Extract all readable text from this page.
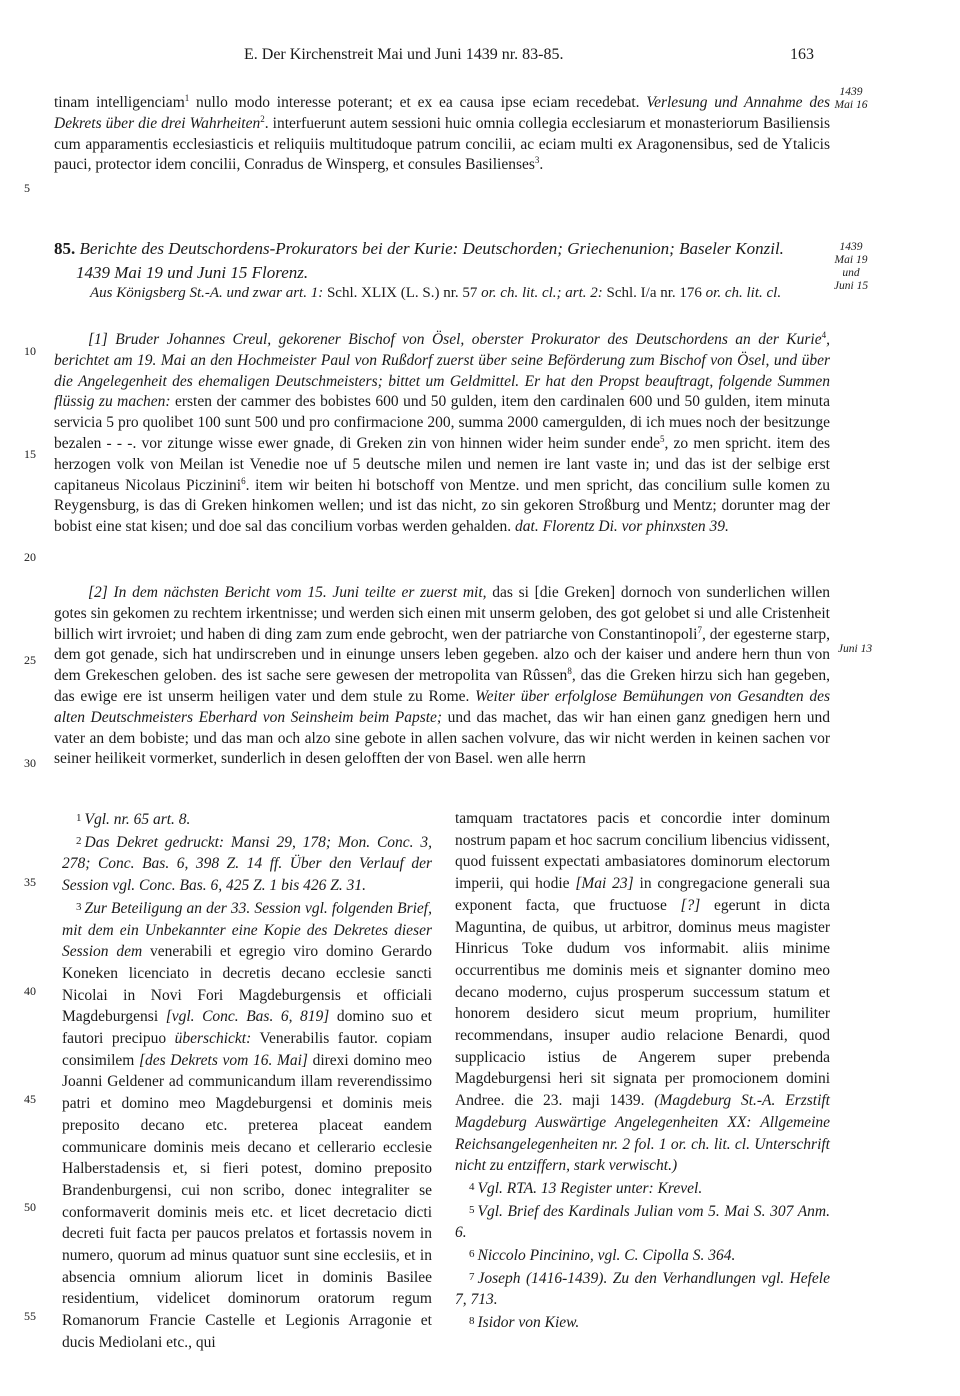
E. Der Kirchenstreit Mai und Juni 1439 nr. 83-85.	163
1439
Mai 16
1439
Mai 19
und
Juni 15
Juni 13
5
10
15
20
25
30
35
40
45
50
55

tinam intelligenciam$^1$ nullo modo interesse poterant; et ex ea causa ipse eciam recedebat. Verlesung und Annahme des Dekrets über die drei Wahrheiten$^2$. interfuerunt autem sessioni huic omnia collegia ecclesiarum et monasteriorum Basiliensis cum apparamentis ecclesiasticis et reliquiis multitudoque patrum concilii, ac eciam multi ex Aragonensibus, sed de Ytalicis pauci, protector idem concilii, Conradus de Winsperg, et consules Basilienses$^3$.

85. Berichte des Deutschordens-Prokurators bei der Kurie: Deutschorden; Griechenunion; Baseler Konzil. 1439 Mai 19 und Juni 15 Florenz.
Aus Königsberg St.-A. und zwar art. 1: Schl. XLIX (L. S.) nr. 57 or. ch. lit. cl.; art. 2: Schl. I/a nr. 176 or. ch. lit. cl.

[1] Bruder Johannes Creul, gekorener Bischof von Ösel, oberster Prokurator des Deutschordens an der Kurie$^4$, berichtet am 19. Mai an den Hochmeister Paul von Rußdorf zuerst über seine Beförderung zum Bischof von Ösel, und über die Angelegenheit des ehemaligen Deutschmeisters; bittet um Geldmittel. Er hat den Propst beauftragt, folgende Summen flüssig zu machen: ersten der cammer des bobistes 600 und 50 gulden, item den cardinalen 600 und 50 gulden, item minuta servicia 5 pro quolibet 100 sunt 500 und pro confirmacione 200, summa 2000 camergulden, di ich mues noch der besitzunge bezalen - - -. vor zitunge wisse ewer gnade, di Greken zin von hinnen wider heim sunder ende$^5$, zo men spricht. item des herzogen volk von Meilan ist Venedie noe uf 5 deutsche milen und nemen ire lant vaste in; und das ist der selbige erst capitaneus Nicolaus Piczinini$^6$. item wir beiten hi botschoff von Mentze. und men spricht, das concilium sulle komen zu Reygensburg, is das di Greken hinkomen wellen; und ist das nicht, zo sin gekoren Stroßburg und Mentz; dorunter mag der bobist eine stat kisen; und doe sal das concilium vorbas werden gehalden. dat. Florentz Di. vor phinxsten 39.

[2] In dem nächsten Bericht vom 15. Juni teilte er zuerst mit, das si [die Greken] dornoch von sunderlichen willen gotes sin gekomen zu rechtem irkentnisse; und werden sich einen mit unserm geloben, des got gelobet si und alle Cristenheit billich wirt irvroiet; und haben di ding zam zum ende gebrocht, wen der patriarche von Constantinopoli$^7$, der egesterne starp, dem got genade, sich hat undirscreben und in einunge unsers leben gegeben. alzo och der kaiser und andere hern thun von dem Grekeschen geloben. des ist sache sere gewesen der metropolita van Rûssen$^8$, das die Greken hirzu sich han gegeben, das ewige ere ist unserm heiligen vater und dem stule zu Rome. Weiter über erfolglose Bemühungen von Gesandten des alten Deutschmeisters Eberhard von Seinsheim beim Papste; und das machet, das wir han einen ganz gnedigen hern und vater an dem bobiste; und das man och alzo sine gebote in allen sachen volvure, das wir nicht werden in keinen sachen vor seiner heilikeit vormerket, sunderlich in desen gelofften der von Basel. wen alle herrn

1 Vgl. nr. 65 art. 8.

2 Das Dekret gedruckt: Mansi 29, 178; Mon. Conc. 3, 278; Conc. Bas. 6, 398 Z. 14 ff. Über den Verlauf der Session vgl. Conc. Bas. 6, 425 Z. 1 bis 426 Z. 31.

3 Zur Beteiligung an der 33. Session vgl. folgenden Brief, mit dem ein Unbekannter eine Kopie des Dekretes dieser Session dem venerabili et egregio viro domino Gerardo Koneken licenciato in decretis decano ecclesie sancti Nicolai in Novi Fori Magdeburgensis et officiali Magdeburgensi [vgl. Conc. Bas. 6, 819] domino suo et fautori precipuo überschickt: Venerabilis fautor. copiam consimilem [des Dekrets vom 16. Mai] direxi domino meo Joanni Geldener ad communicandum illam reverendissimo patri et domino meo Magdeburgensi et dominis meis preposito decano etc. preterea placeat eandem communicare dominis meis decano et cellerario ecclesie Halberstadensis et, si fieri potest, domino preposito Brandenburgensi, cui non scribo, donec integraliter se conformaverit dominis meis etc. et licet decretacio dicti decreti fuit facta per paucos prelatos et fortassis novem in numero, quorum ad minus quatuor sunt sine ecclesiis, et in absencia omnium aliorum licet in dominis Basilee residentium, videlicet dominorum oratorum regum Romanorum Francie Castelle et Legionis Arragonie et ducis Mediolani etc., qui

tamquam tractatores pacis et concordie inter dominum nostrum papam et hoc sacrum concilium libencius vidissent, quod fuissent expectati ambasiatores dominorum electorum imperii, qui hodie [Mai 23] in congregacione generali sua exponent facta, que fructuose [?] egerunt in dicta Maguntina, de quibus, ut arbitror, dominus meus magister Hinricus Toke dudum vos informabit. aliis minime occurrentibus me dominis meis et signanter domino meo decano moderno, cujus prosperum successum statum et honorem desidero sicut meum proprium, humiliter recommendans, insuper audio relacione Benardi, quod supplicacio istius de Angerem super prebenda Magdeburgensi heri sit signata per promocionem domini Andree. die 23. maji 1439. (Magdeburg St.-A. Erzstift Magdeburg Auswärtige Angelegenheiten XX: Allgemeine Reichsangelegenheiten nr. 2 fol. 1 or. ch. lit. cl. Unterschrift nicht zu entziffern, stark verwischt.)

4 Vgl. RTA. 13 Register unter: Krevel.

5 Vgl. Brief des Kardinals Julian vom 5. Mai S. 307 Anm. 6.

6 Niccolo Pincinino, vgl. C. Cipolla S. 364.

7 Joseph (1416-1439). Zu den Verhandlungen vgl. Hefele 7, 713.

8 Isidor von Kiew.
